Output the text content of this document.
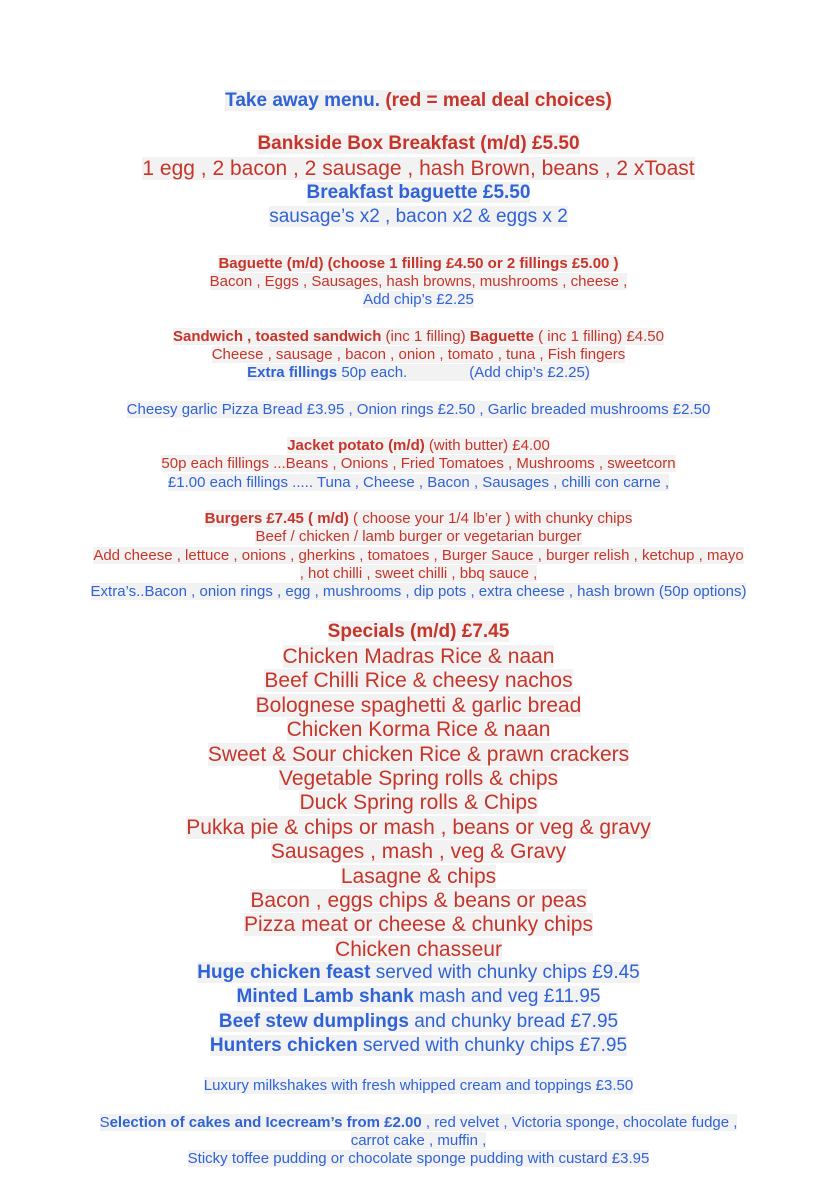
Take away menu. (red = meal deal choices)

Bankside Box Breakfast (m/d) £5.50

1 egg , 2 bacon , 2 sausage , hash Brown, beans , 2 xToast

Breakfast baguette £5.50

sausage’s x2 , bacon x2 & eggs x 2

Baguette (m/d) (choose 1 filling £4.50 or 2 fillings £5.00 )

Bacon , Eggs , Sausages, hash browns, mushrooms , cheese ,

Add chip’s £2.25

Sandwich , toasted sandwich (inc 1 filling) Baguette ( inc 1 filling) £4.50

Cheese , sausage , bacon , onion , tomato , tuna , Fish fingers

Extra fillings 50p each.	(Add chip’s £2.25)

Cheesy garlic Pizza Bread £3.95 , Onion rings £2.50 , Garlic breaded mushrooms £2.50

Jacket potato (m/d) (with butter) £4.00

50p each fillings ...Beans , Onions , Fried Tomatoes , Mushrooms , sweetcorn

£1.00 each fillings ..... Tuna , Cheese , Bacon , Sausages , chilli con carne ,

Burgers £7.45 ( m/d) ( choose your 1/4 lb’er ) with chunky chips

Beef / chicken / lamb burger or vegetarian burger

Add cheese , lettuce , onions , gherkins , tomatoes , Burger Sauce , burger relish , ketchup , mayo

, hot chilli , sweet chilli , bbq sauce ,

Extra’s..Bacon , onion rings , egg , mushrooms , dip pots , extra cheese , hash brown (50p options)

Specials (m/d) £7.45

Chicken Madras Rice & naan

Beef Chilli Rice & cheesy nachos

Bolognese spaghetti & garlic bread

Chicken Korma Rice & naan

Sweet & Sour chicken Rice & prawn crackers

Vegetable Spring rolls & chips

Duck Spring rolls & Chips

Pukka pie & chips or mash , beans or veg & gravy

Sausages , mash , veg & Gravy

Lasagne & chips

Bacon , eggs chips & beans or peas

Pizza meat or cheese & chunky chips

Chicken chasseur

Huge chicken feast served with chunky chips £9.45

Minted Lamb shank mash and veg £11.95

Beef stew dumplings and chunky bread £7.95

Hunters chicken served with chunky chips £7.95

Luxury milkshakes with fresh whipped cream and toppings £3.50

Selection of cakes and Icecream’s from £2.00 , red velvet , Victoria sponge, chocolate fudge ,

carrot cake , muffin ,

Sticky toffee pudding or chocolate sponge pudding with custard £3.95
